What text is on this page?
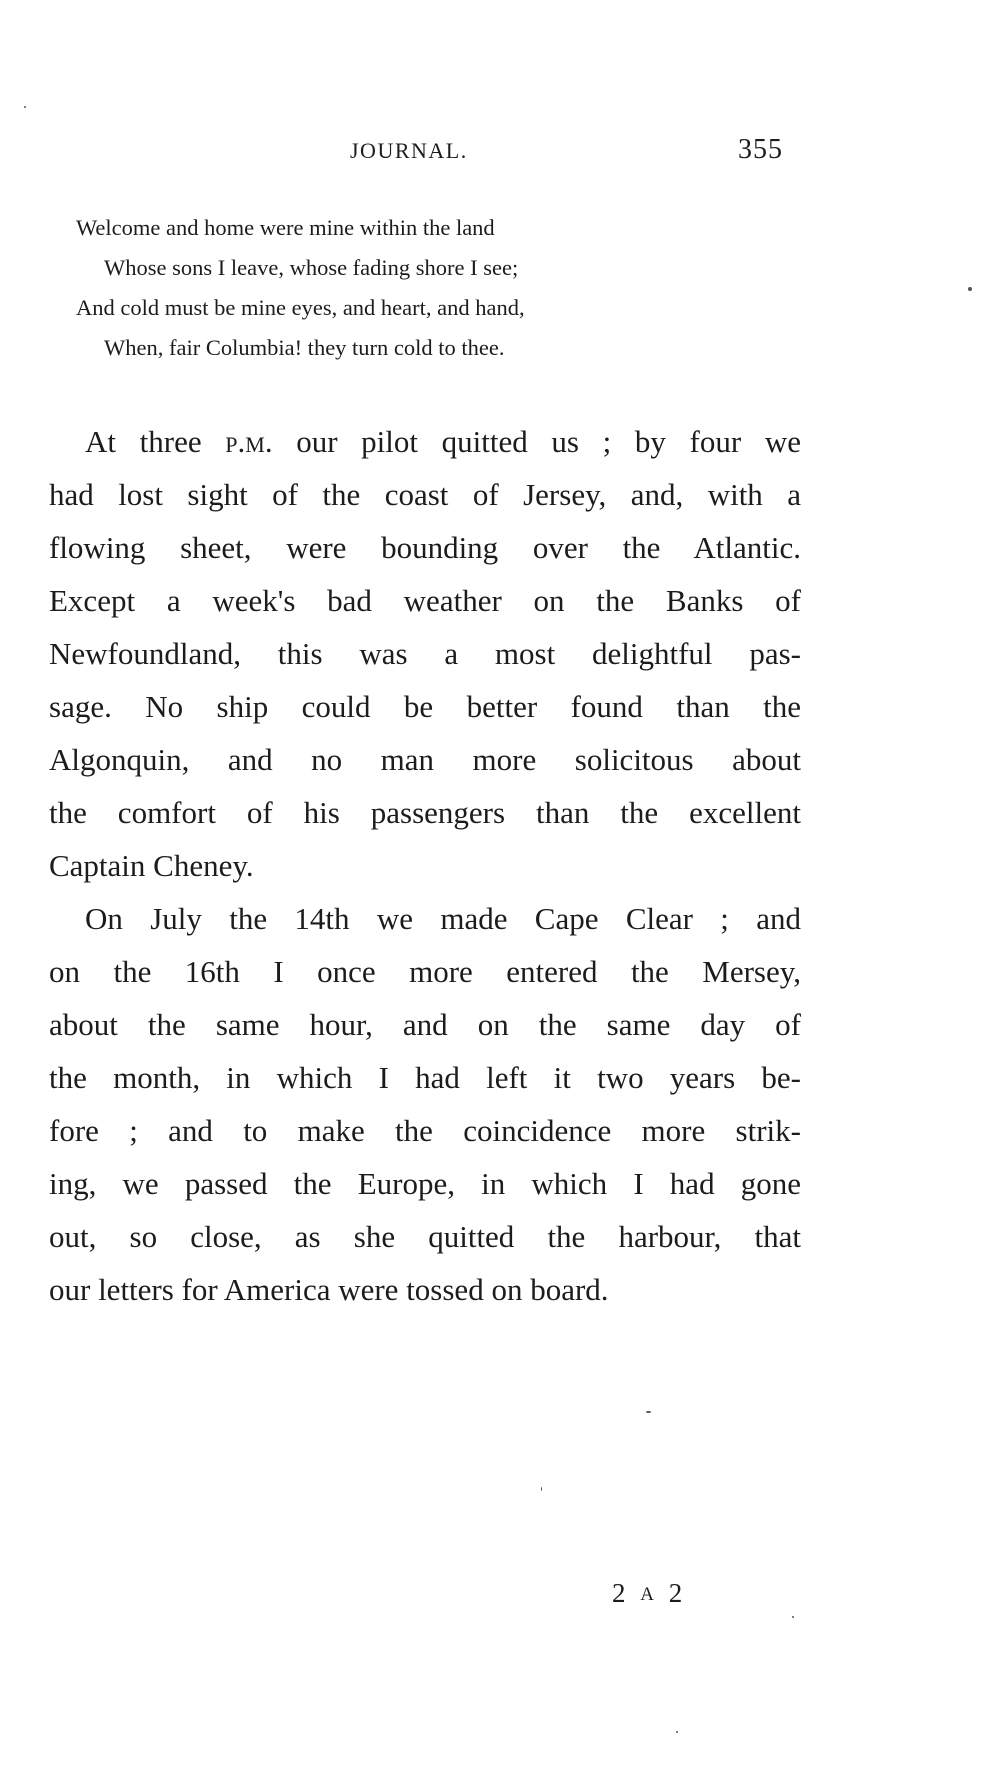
JOURNAL.	355
Welcome and home were mine within the land
Whose sons I leave, whose fading shore I see;
And cold must be mine eyes, and heart, and hand,
When, fair Columbia! they turn cold to thee.
At three p.m. our pilot quitted us ; by four we
had lost sight of the coast of Jersey, and, with a
flowing sheet, were bounding over the Atlantic.
Except a week's bad weather on the Banks of
Newfoundland, this was a most delightful pas-
sage. No ship could be better found than the
Algonquin, and no man more solicitous about
the comfort of his passengers than the excellent
Captain Cheney.
On July the 14th we made Cape Clear ; and
on the 16th I once more entered the Mersey,
about the same hour, and on the same day of
the month, in which I had left it two years be-
fore ; and to make the coincidence more strik-
ing, we passed the Europe, in which I had gone
out, so close, as she quitted the harbour, that
our letters for America were tossed on board.
2 A 2
